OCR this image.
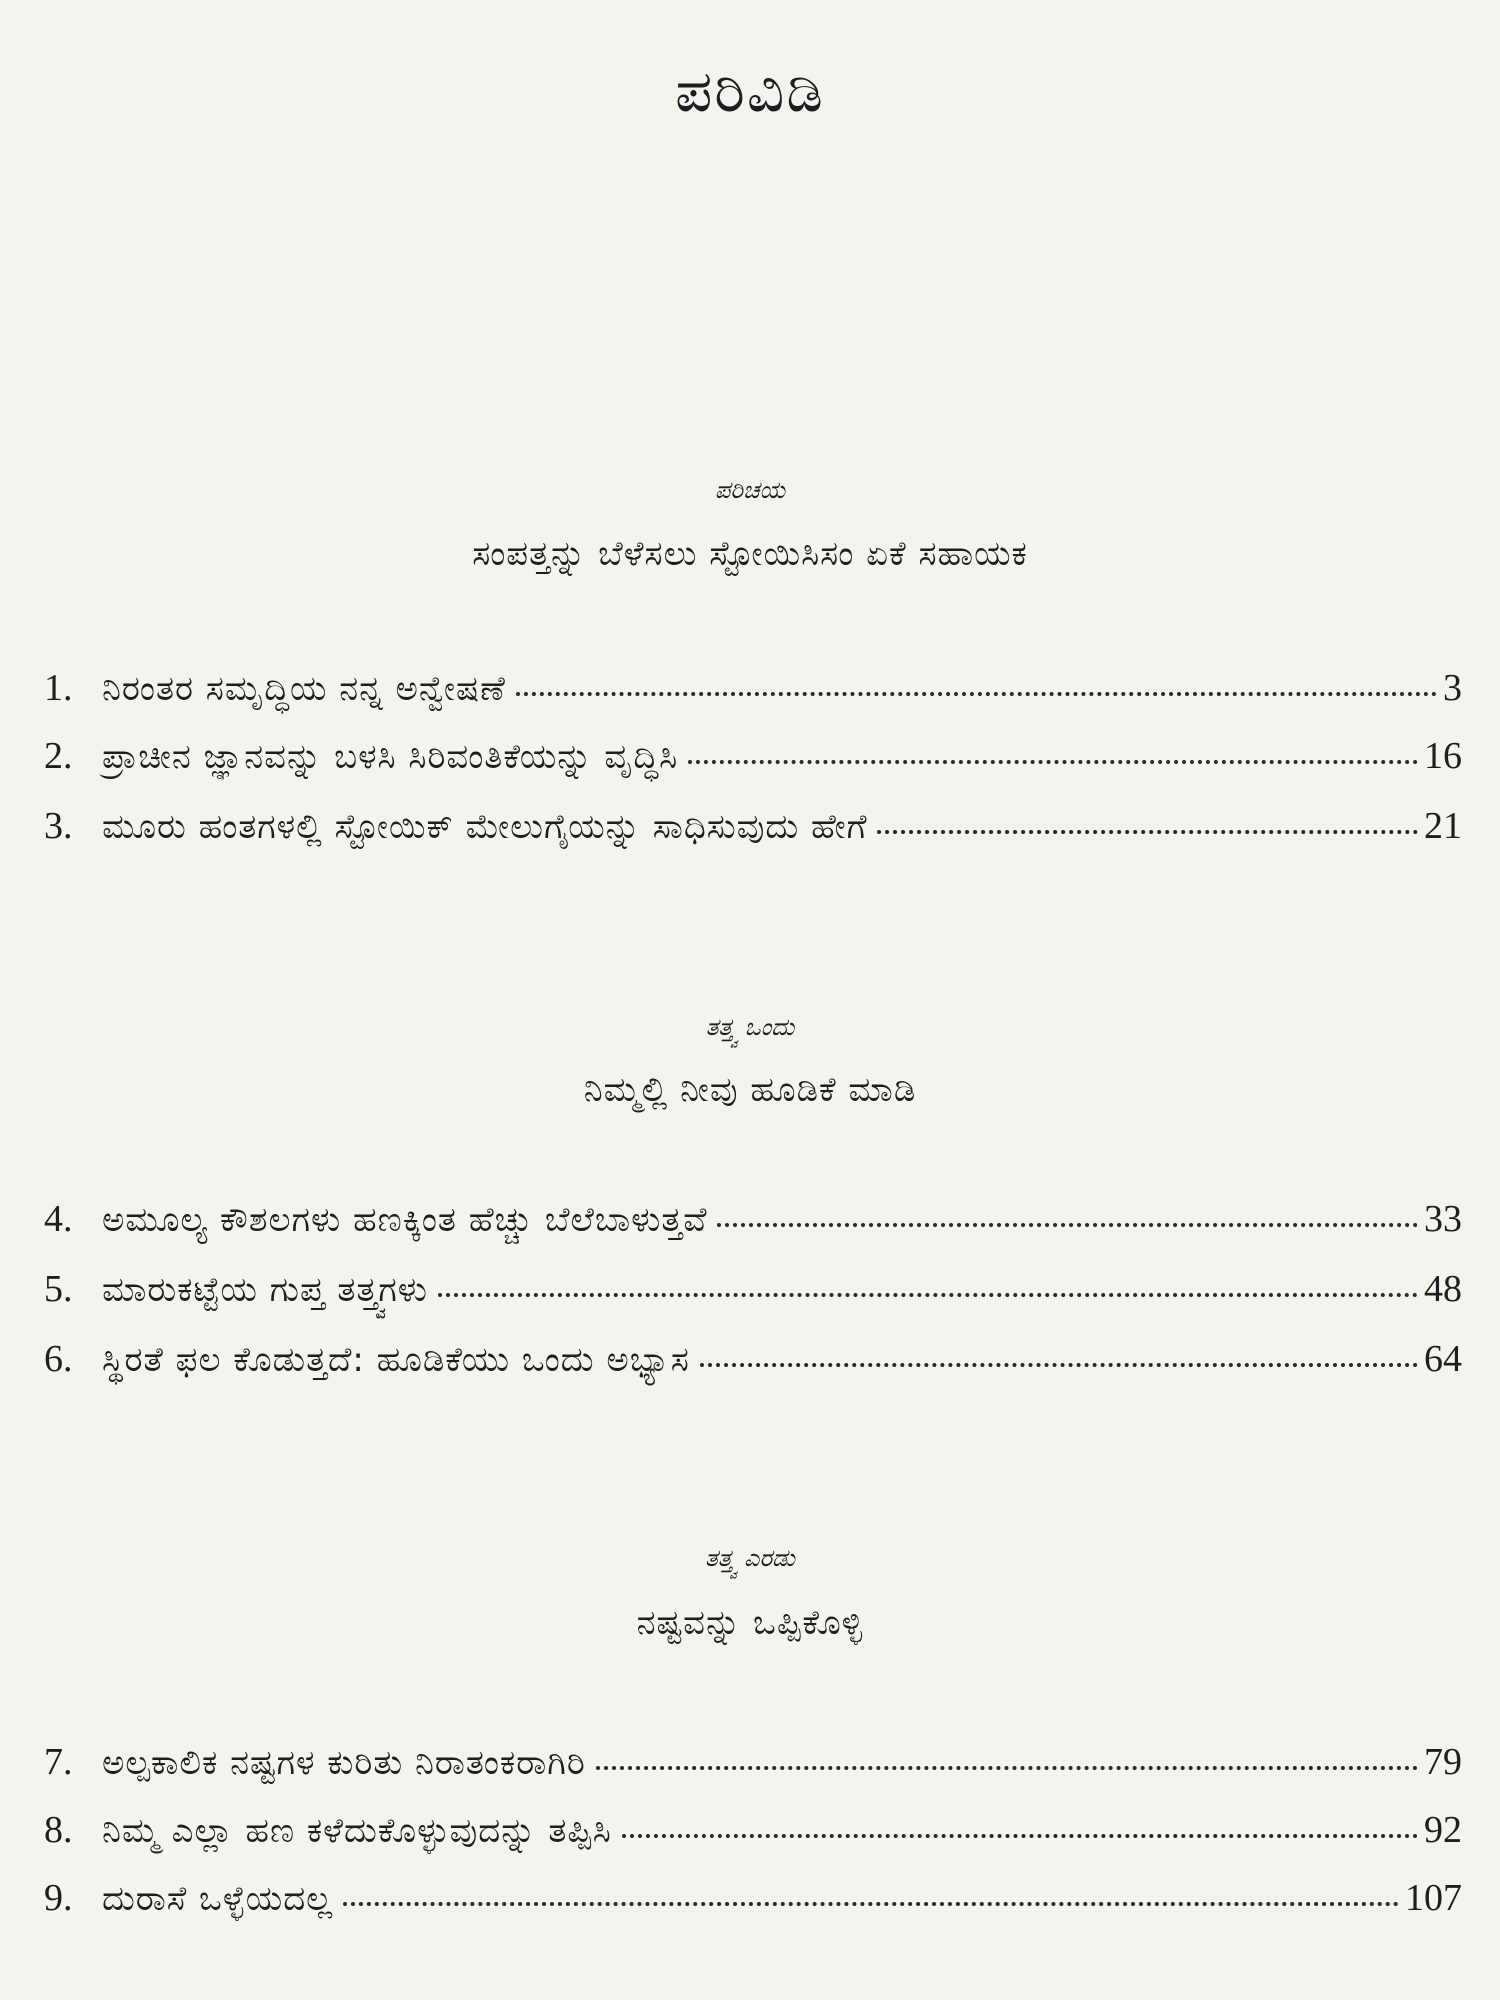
ಪರಿವಿಡಿ
ಪರಿಚಯ
ಸಂಪತ್ತನ್ನು ಬೆಳೆಸಲು ಸ್ಟೋಯಿಸಿಸಂ ಏಕೆ ಸಹಾಯಕ
1. ನಿರಂತರ ಸಮೃದ್ಧಿಯ ನನ್ನ ಅನ್ವೇಷಣೆ	3
2. ಪ್ರಾಚೀನ ಜ್ಞಾನವನ್ನು ಬಳಸಿ ಸಿರಿವಂತಿಕೆಯನ್ನು ವೃದ್ಧಿಸಿ	16
3. ಮೂರು ಹಂತಗಳಲ್ಲಿ ಸ್ಟೋಯಿಕ್ ಮೇಲುಗೈಯನ್ನು ಸಾಧಿಸುವುದು ಹೇಗೆ	21
ತತ್ತ್ವ ಒಂದು
ನಿಮ್ಮಲ್ಲಿ ನೀವು ಹೂಡಿಕೆ ಮಾಡಿ
4. ಅಮೂಲ್ಯ ಕೌಶಲಗಳು ಹಣಕ್ಕಿಂತ ಹೆಚ್ಚು ಬೆಲೆಬಾಳುತ್ತವೆ	33
5. ಮಾರುಕಟ್ಟೆಯ ಗುಪ್ತ ತತ್ತ್ವಗಳು	48
6. ಸ್ಥಿರತೆ ಫಲ ಕೊಡುತ್ತದೆ: ಹೂಡಿಕೆಯು ಒಂದು ಅಭ್ಯಾಸ	64
ತತ್ತ್ವ ಎರಡು
ನಷ್ಟವನ್ನು ಒಪ್ಪಿಕೊಳ್ಳಿ
7. ಅಲ್ಪಕಾಲಿಕ ನಷ್ಟಗಳ ಕುರಿತು ನಿರಾತಂಕರಾಗಿರಿ	79
8. ನಿಮ್ಮ ಎಲ್ಲಾ ಹಣ ಕಳೆದುಕೊಳ್ಳುವುದನ್ನು ತಪ್ಪಿಸಿ	92
9. ದುರಾಸೆ ಒಳ್ಳೆಯದಲ್ಲ	107
